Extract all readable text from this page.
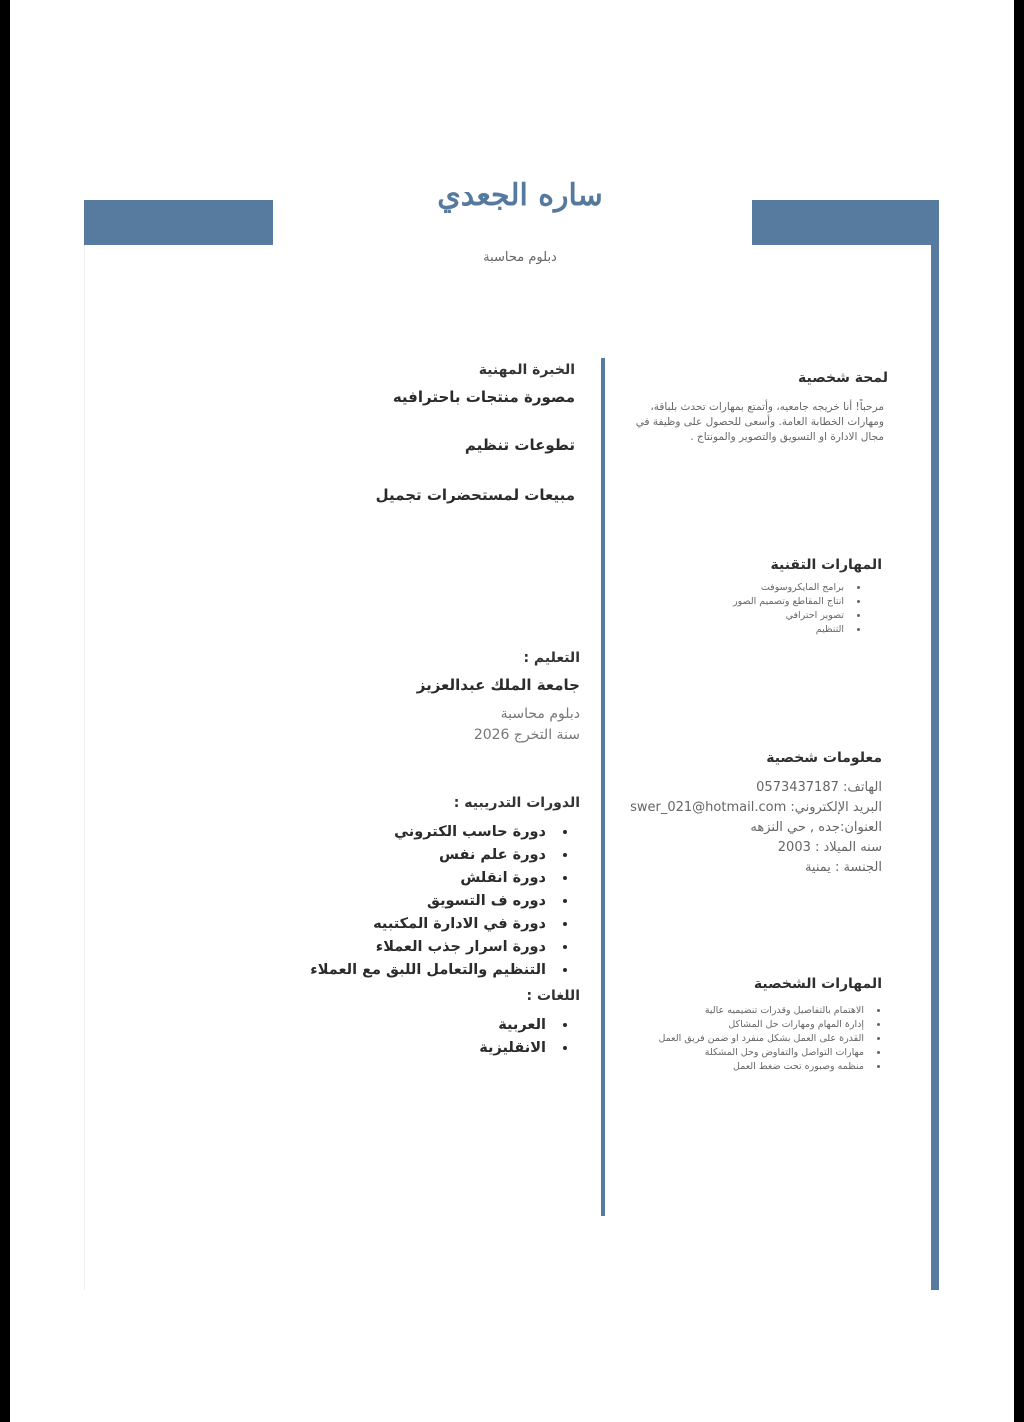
ساره الجعدي
دبلوم محاسبة

لمحة شخصية

مرحباً! أنا خريجه جامعيه، وأتمتع بمهارات تحدث بلباقة،
ومهارات الخطابة العامة. وأسعى للحصول على وظيفة في
مجال الادارة او التسويق والتصوير والمونتاج .

المهارات التقنية

• برامج المايكروسوفت
• انتاج المقاطع وتصميم الصور
• تصوير احترافي
• التنظيم

معلومات شخصية

الهاتف: 0573437187
البريد الإلكتروني: swer_021@hotmail.com
العنوان:جده , حي النزهه
سنه الميلاد : 2003
الجنسة : يمنية

المهارات الشخصية

• الاهتمام بالتفاصيل وقدرات تنضيميه عالية
• إدارة المهام ومهارات حل المشاكل
• القدرة على العمل بشكل منفرد او ضمن فريق العمل
• مهارات التواصل والتفاوض وحل المشكلة
• منظمه وصبوره تحت ضغط العمل
الخبرة المهنية
مصورة منتجات باحترافيه
تطوعات تنظيم
مبيعات لمستحضرات تجميل
التعليم :
جامعة الملك عبدالعزيز
دبلوم محاسبة
سنة التخرج 2026
الدورات التدريبيه :
• دورة حاسب الكتروني
• دورة علم نفس
• دورة انقلش
• دوره ف التسويق
• دورة في الادارة المكتبيه
• دورة اسرار جذب العملاء
• التنظيم والتعامل اللبق مع العملاء
اللغات :
• العربية
• الانقليزية
